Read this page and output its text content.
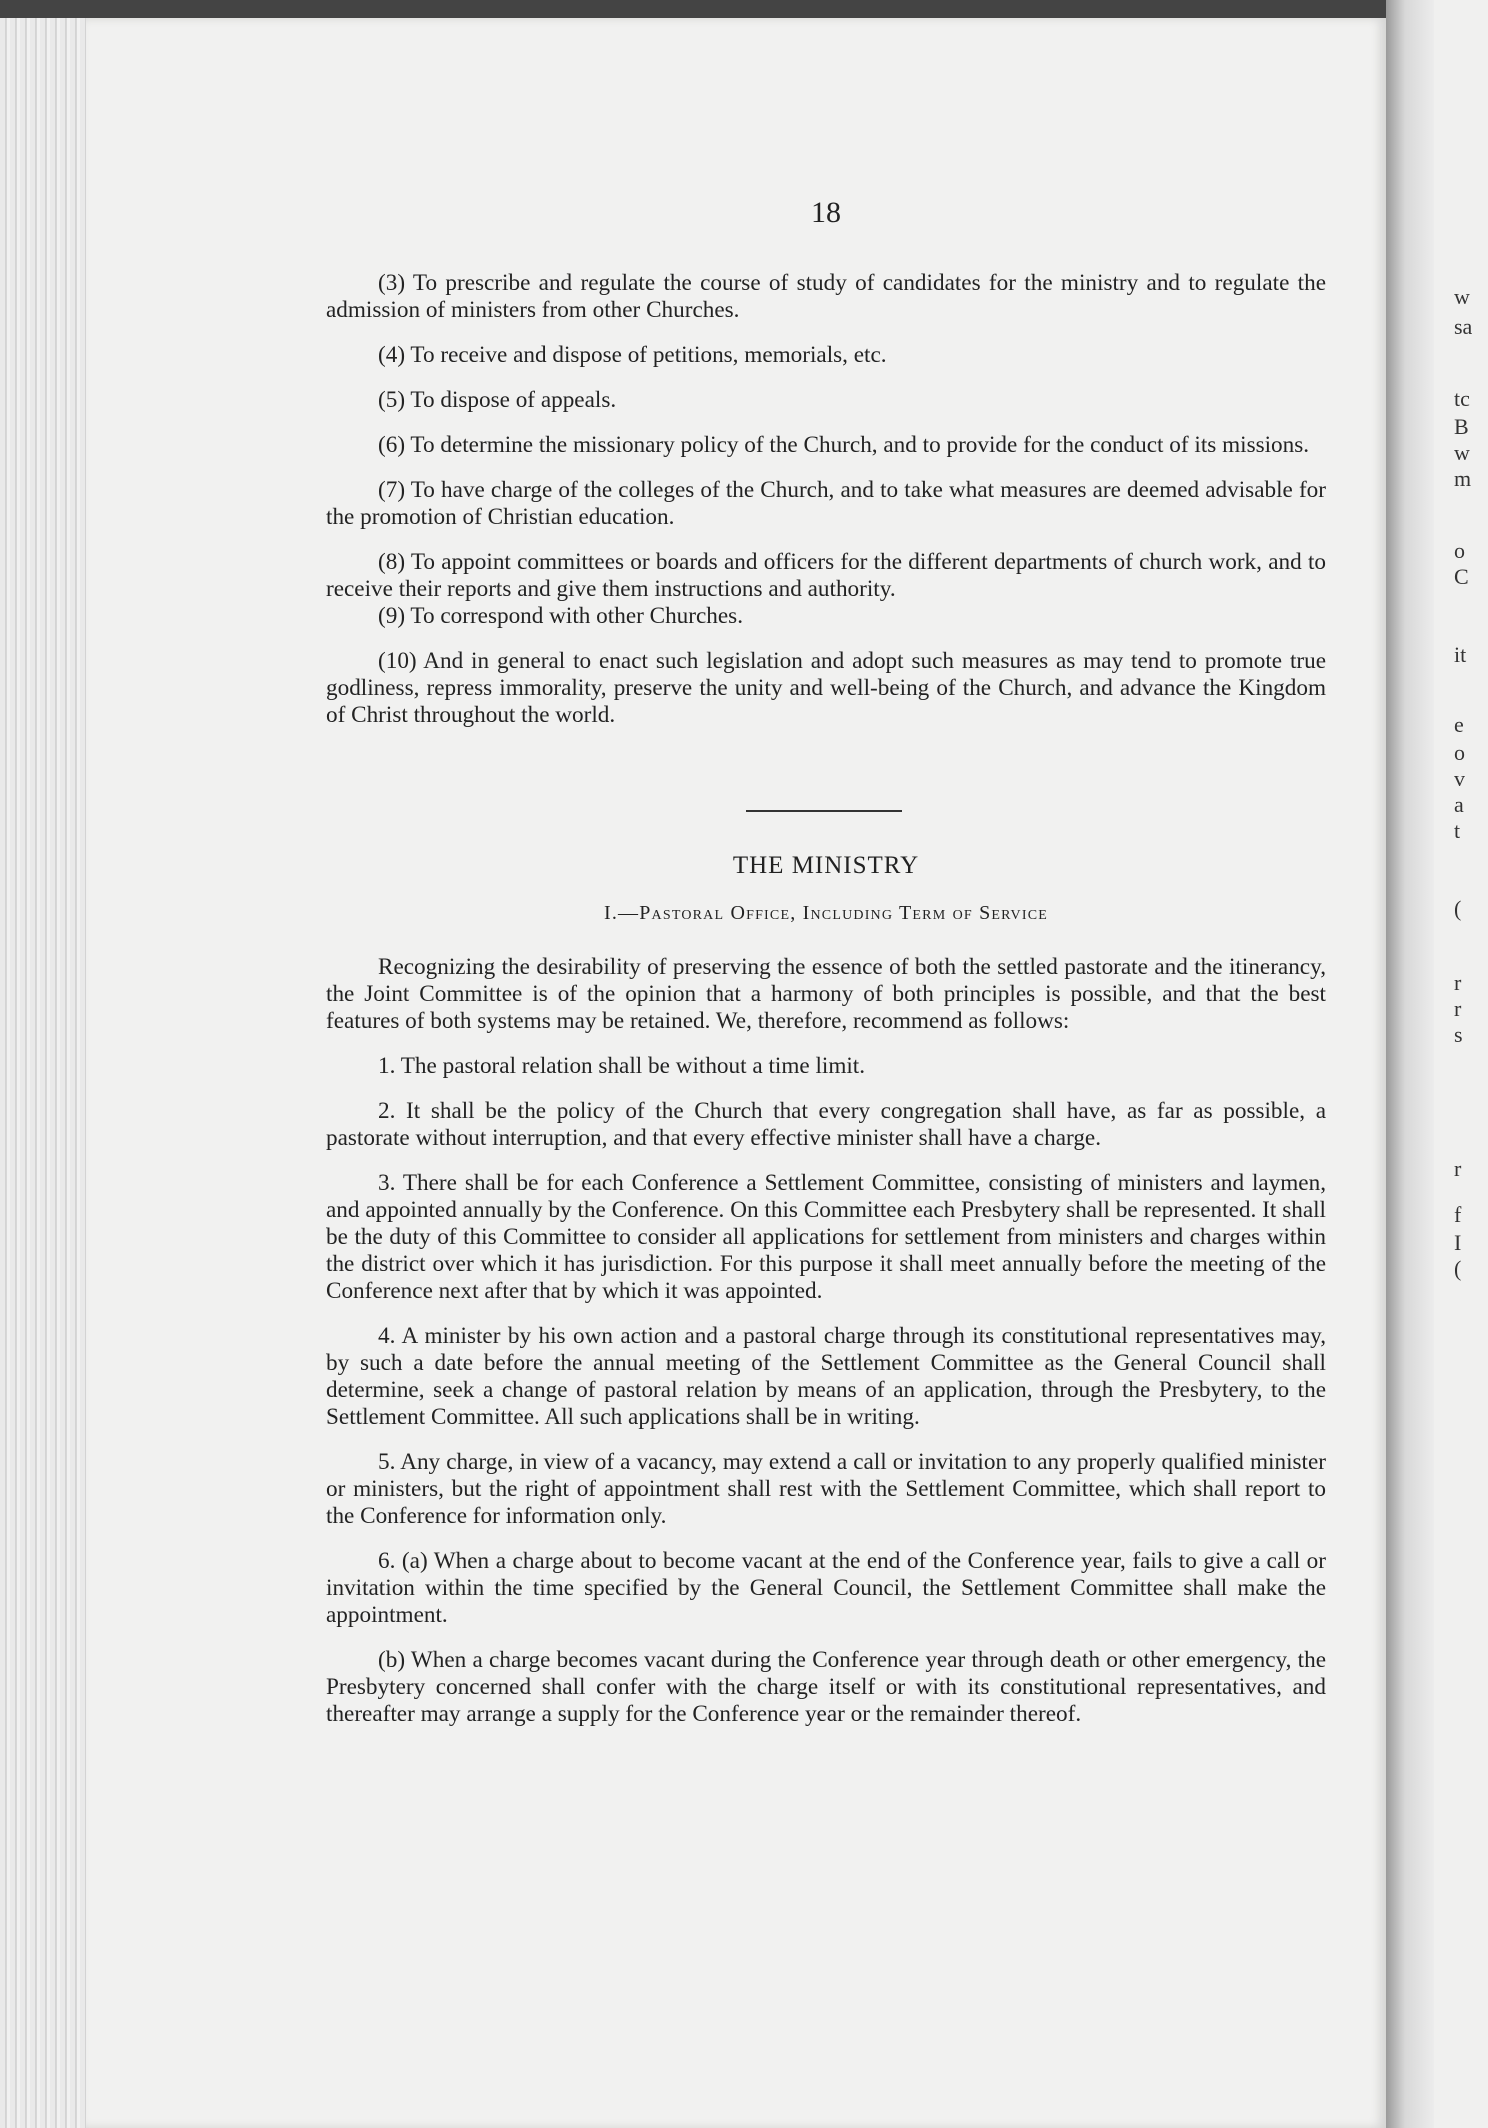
w
sa
tc
B
w
m
o
C
it
e
o
v
a
t
(
r
r
s
r
f
I
(
18

(3) To prescribe and regulate the course of study of candidates for the ministry and to regulate the admission of ministers from other Churches.

(4) To receive and dispose of petitions, memorials, etc.

(5) To dispose of appeals.

(6) To determine the missionary policy of the Church, and to provide for the conduct of its missions.

(7) To have charge of the colleges of the Church, and to take what measures are deemed advisable for the promotion of Christian education.

(8) To appoint committees or boards and officers for the different departments of church work, and to receive their reports and give them instructions and authority.

(9) To correspond with other Churches.

(10) And in general to enact such legislation and adopt such measures as may tend to promote true godliness, repress immorality, preserve the unity and well-being of the Church, and advance the Kingdom of Christ throughout the world.

THE MINISTRY
I.—Pastoral Office, Including Term of Service

Recognizing the desirability of preserving the essence of both the settled pastorate and the itinerancy, the Joint Committee is of the opinion that a harmony of both principles is possible, and that the best features of both systems may be retained. We, therefore, recommend as follows:

1. The pastoral relation shall be without a time limit.

2. It shall be the policy of the Church that every congregation shall have, as far as possible, a pastorate without interruption, and that every effective minister shall have a charge.

3. There shall be for each Conference a Settlement Committee, consisting of ministers and laymen, and appointed annually by the Conference. On this Committee each Presbytery shall be represented. It shall be the duty of this Committee to consider all applications for settlement from ministers and charges within the district over which it has jurisdiction. For this purpose it shall meet annually before the meeting of the Conference next after that by which it was appointed.

4. A minister by his own action and a pastoral charge through its constitutional representatives may, by such a date before the annual meeting of the Settlement Committee as the General Council shall determine, seek a change of pastoral relation by means of an application, through the Presbytery, to the Settlement Committee. All such applications shall be in writing.

5. Any charge, in view of a vacancy, may extend a call or invitation to any properly qualified minister or ministers, but the right of appointment shall rest with the Settlement Committee, which shall report to the Conference for information only.

6. (a) When a charge about to become vacant at the end of the Conference year, fails to give a call or invitation within the time specified by the General Council, the Settlement Committee shall make the appointment.

(b) When a charge becomes vacant during the Conference year through death or other emergency, the Presbytery concerned shall confer with the charge itself or with its constitutional representatives, and thereafter may arrange a supply for the Conference year or the remainder thereof.
